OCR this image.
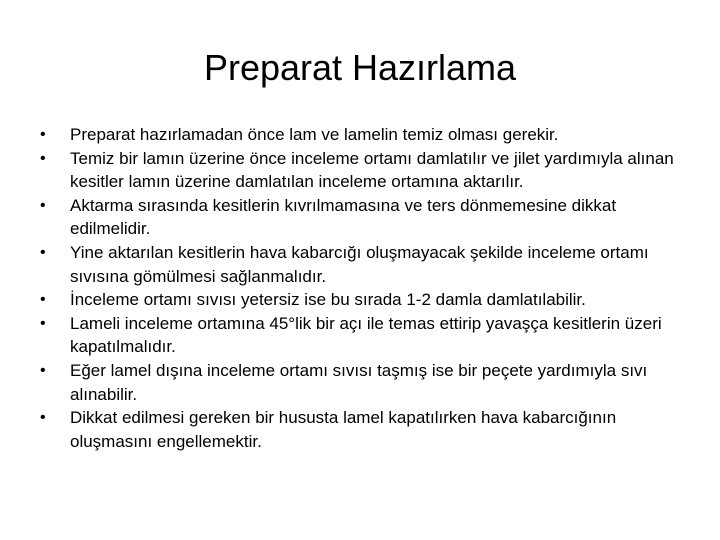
Preparat Hazırlama
• Preparat hazırlamadan önce lam ve lamelin temiz olması gerekir.
• Temiz bir lamın üzerine önce inceleme ortamı damlatılır ve jilet yardımıyla alınan kesitler lamın üzerine damlatılan inceleme ortamına aktarılır.
• Aktarma sırasında kesitlerin kıvrılmamasına ve ters dönmemesine dikkat edilmelidir.
• Yine aktarılan kesitlerin hava kabarcığı oluşmayacak şekilde inceleme ortamı sıvısına gömülmesi sağlanmalıdır.
• İnceleme ortamı sıvısı yetersiz ise bu sırada 1-2 damla damlatılabilir.
• Lameli inceleme ortamına 45°lik bir açı ile temas ettirip yavaşça kesitlerin üzeri kapatılmalıdır.
• Eğer lamel dışına inceleme ortamı sıvısı taşmış ise bir peçete yardımıyla sıvı alınabilir.
• Dikkat edilmesi gereken bir hususta lamel kapatılırken hava kabarcığının oluşmasını engellemektir.
